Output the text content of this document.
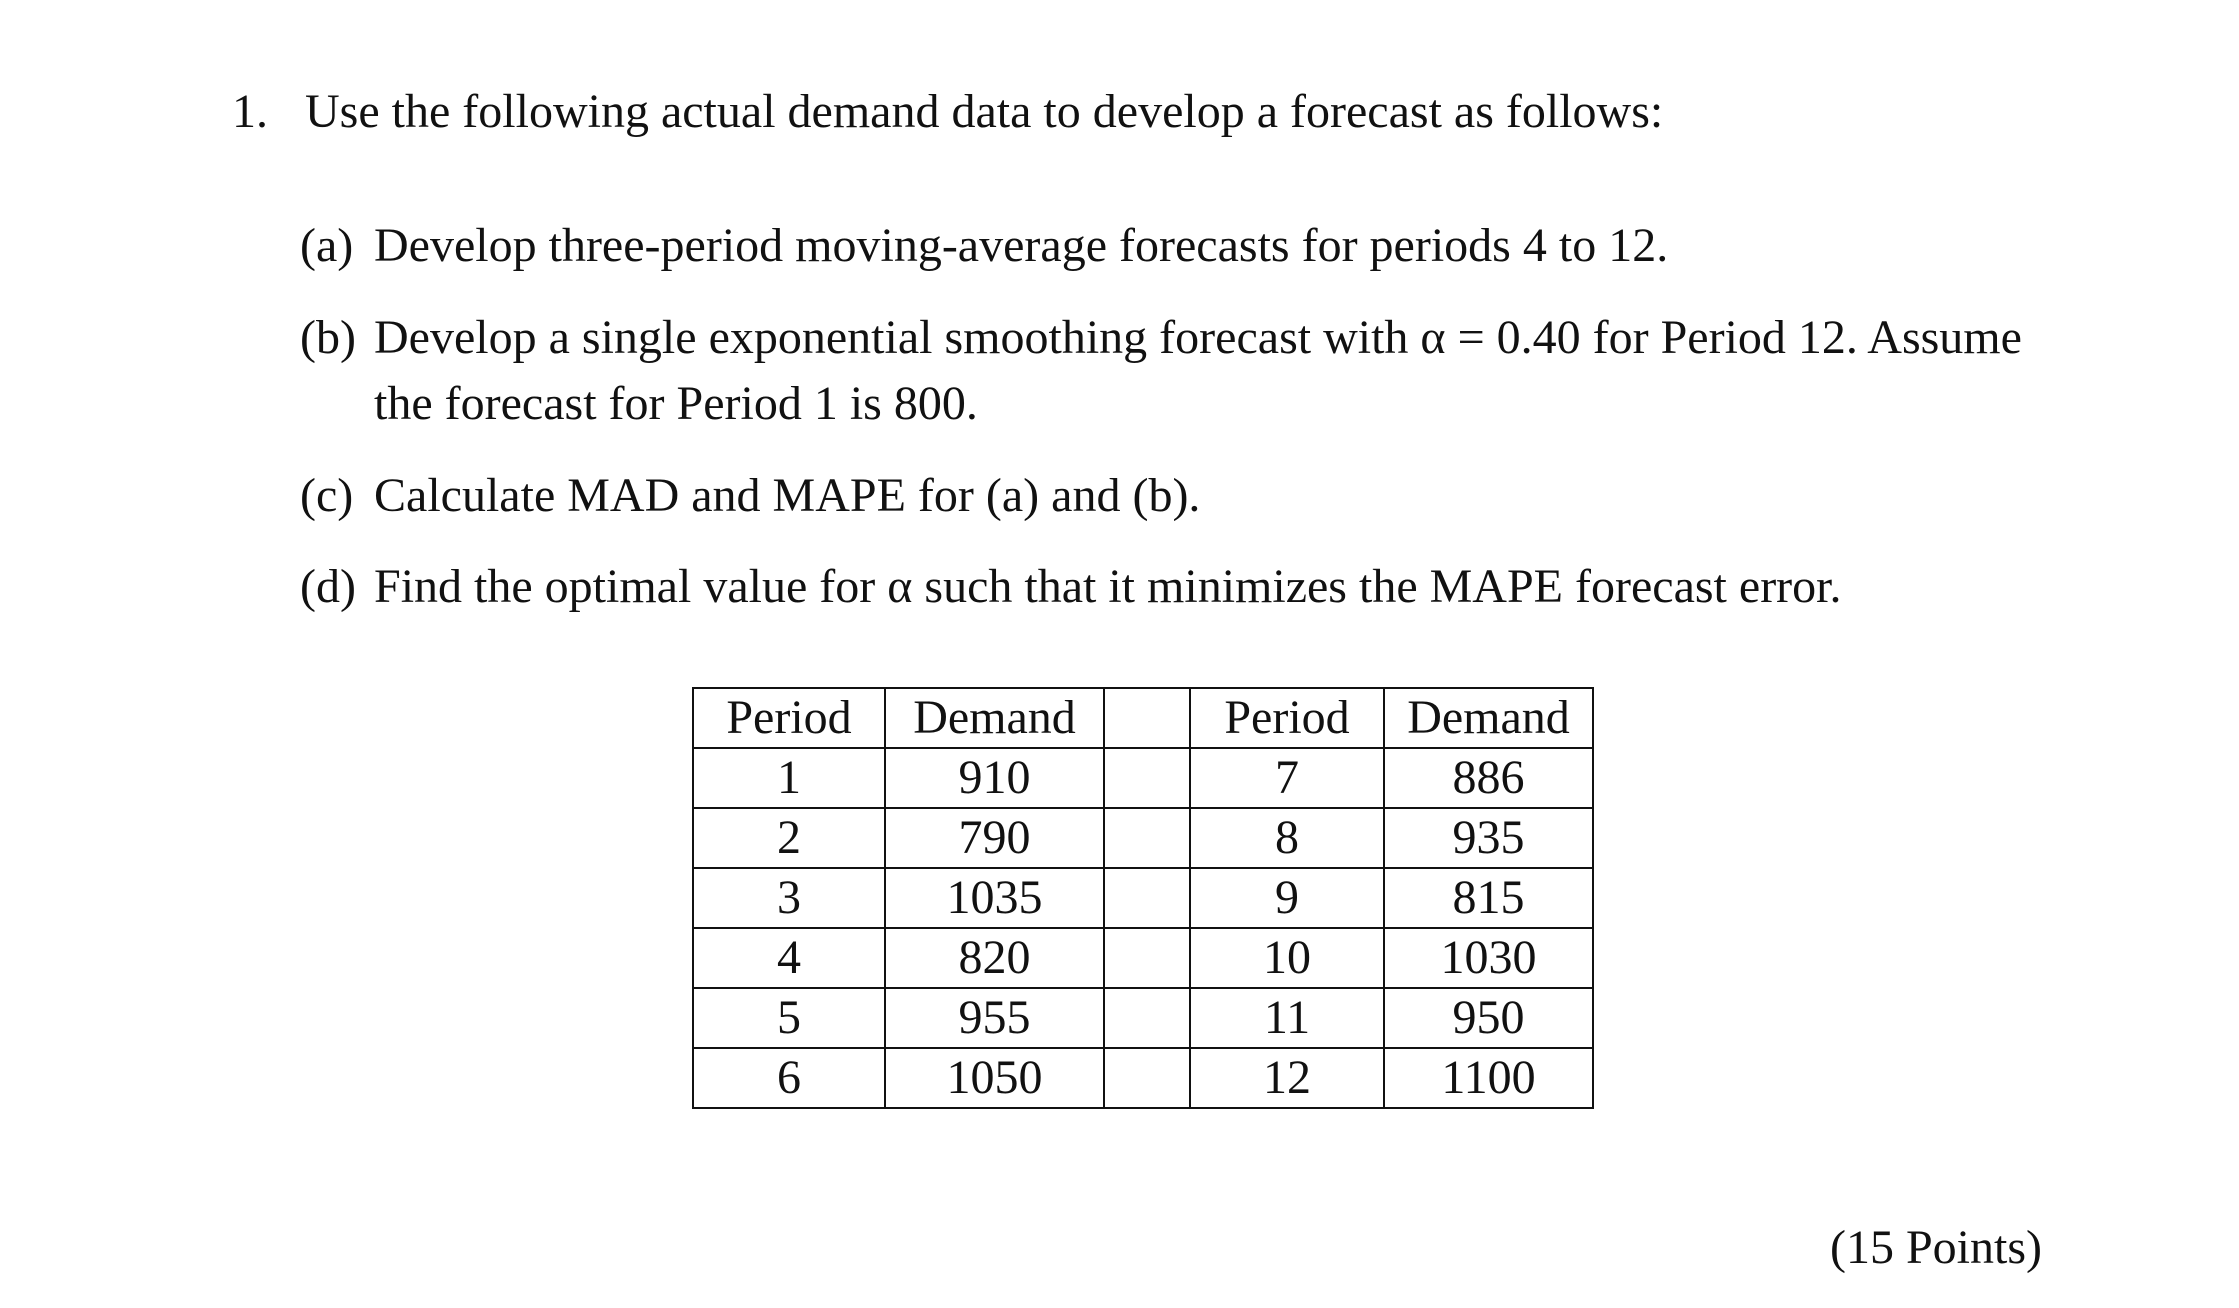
1. Use the following actual demand data to develop a forecast as follows:
(a) Develop three-period moving-average forecasts for periods 4 to 12.
(b) Develop a single exponential smoothing forecast with α = 0.40 for Period 12. Assume
the forecast for Period 1 is 800.
(c) Calculate MAD and MAPE for (a) and (b).
(d) Find the optimal value for α such that it minimizes the MAPE forecast error.
Period	Demand		Period	Demand
1	910		7	886
2	790		8	935
3	1035		9	815
4	820		10	1030
5	955		11	950
6	1050		12	1100
(15 Points)
